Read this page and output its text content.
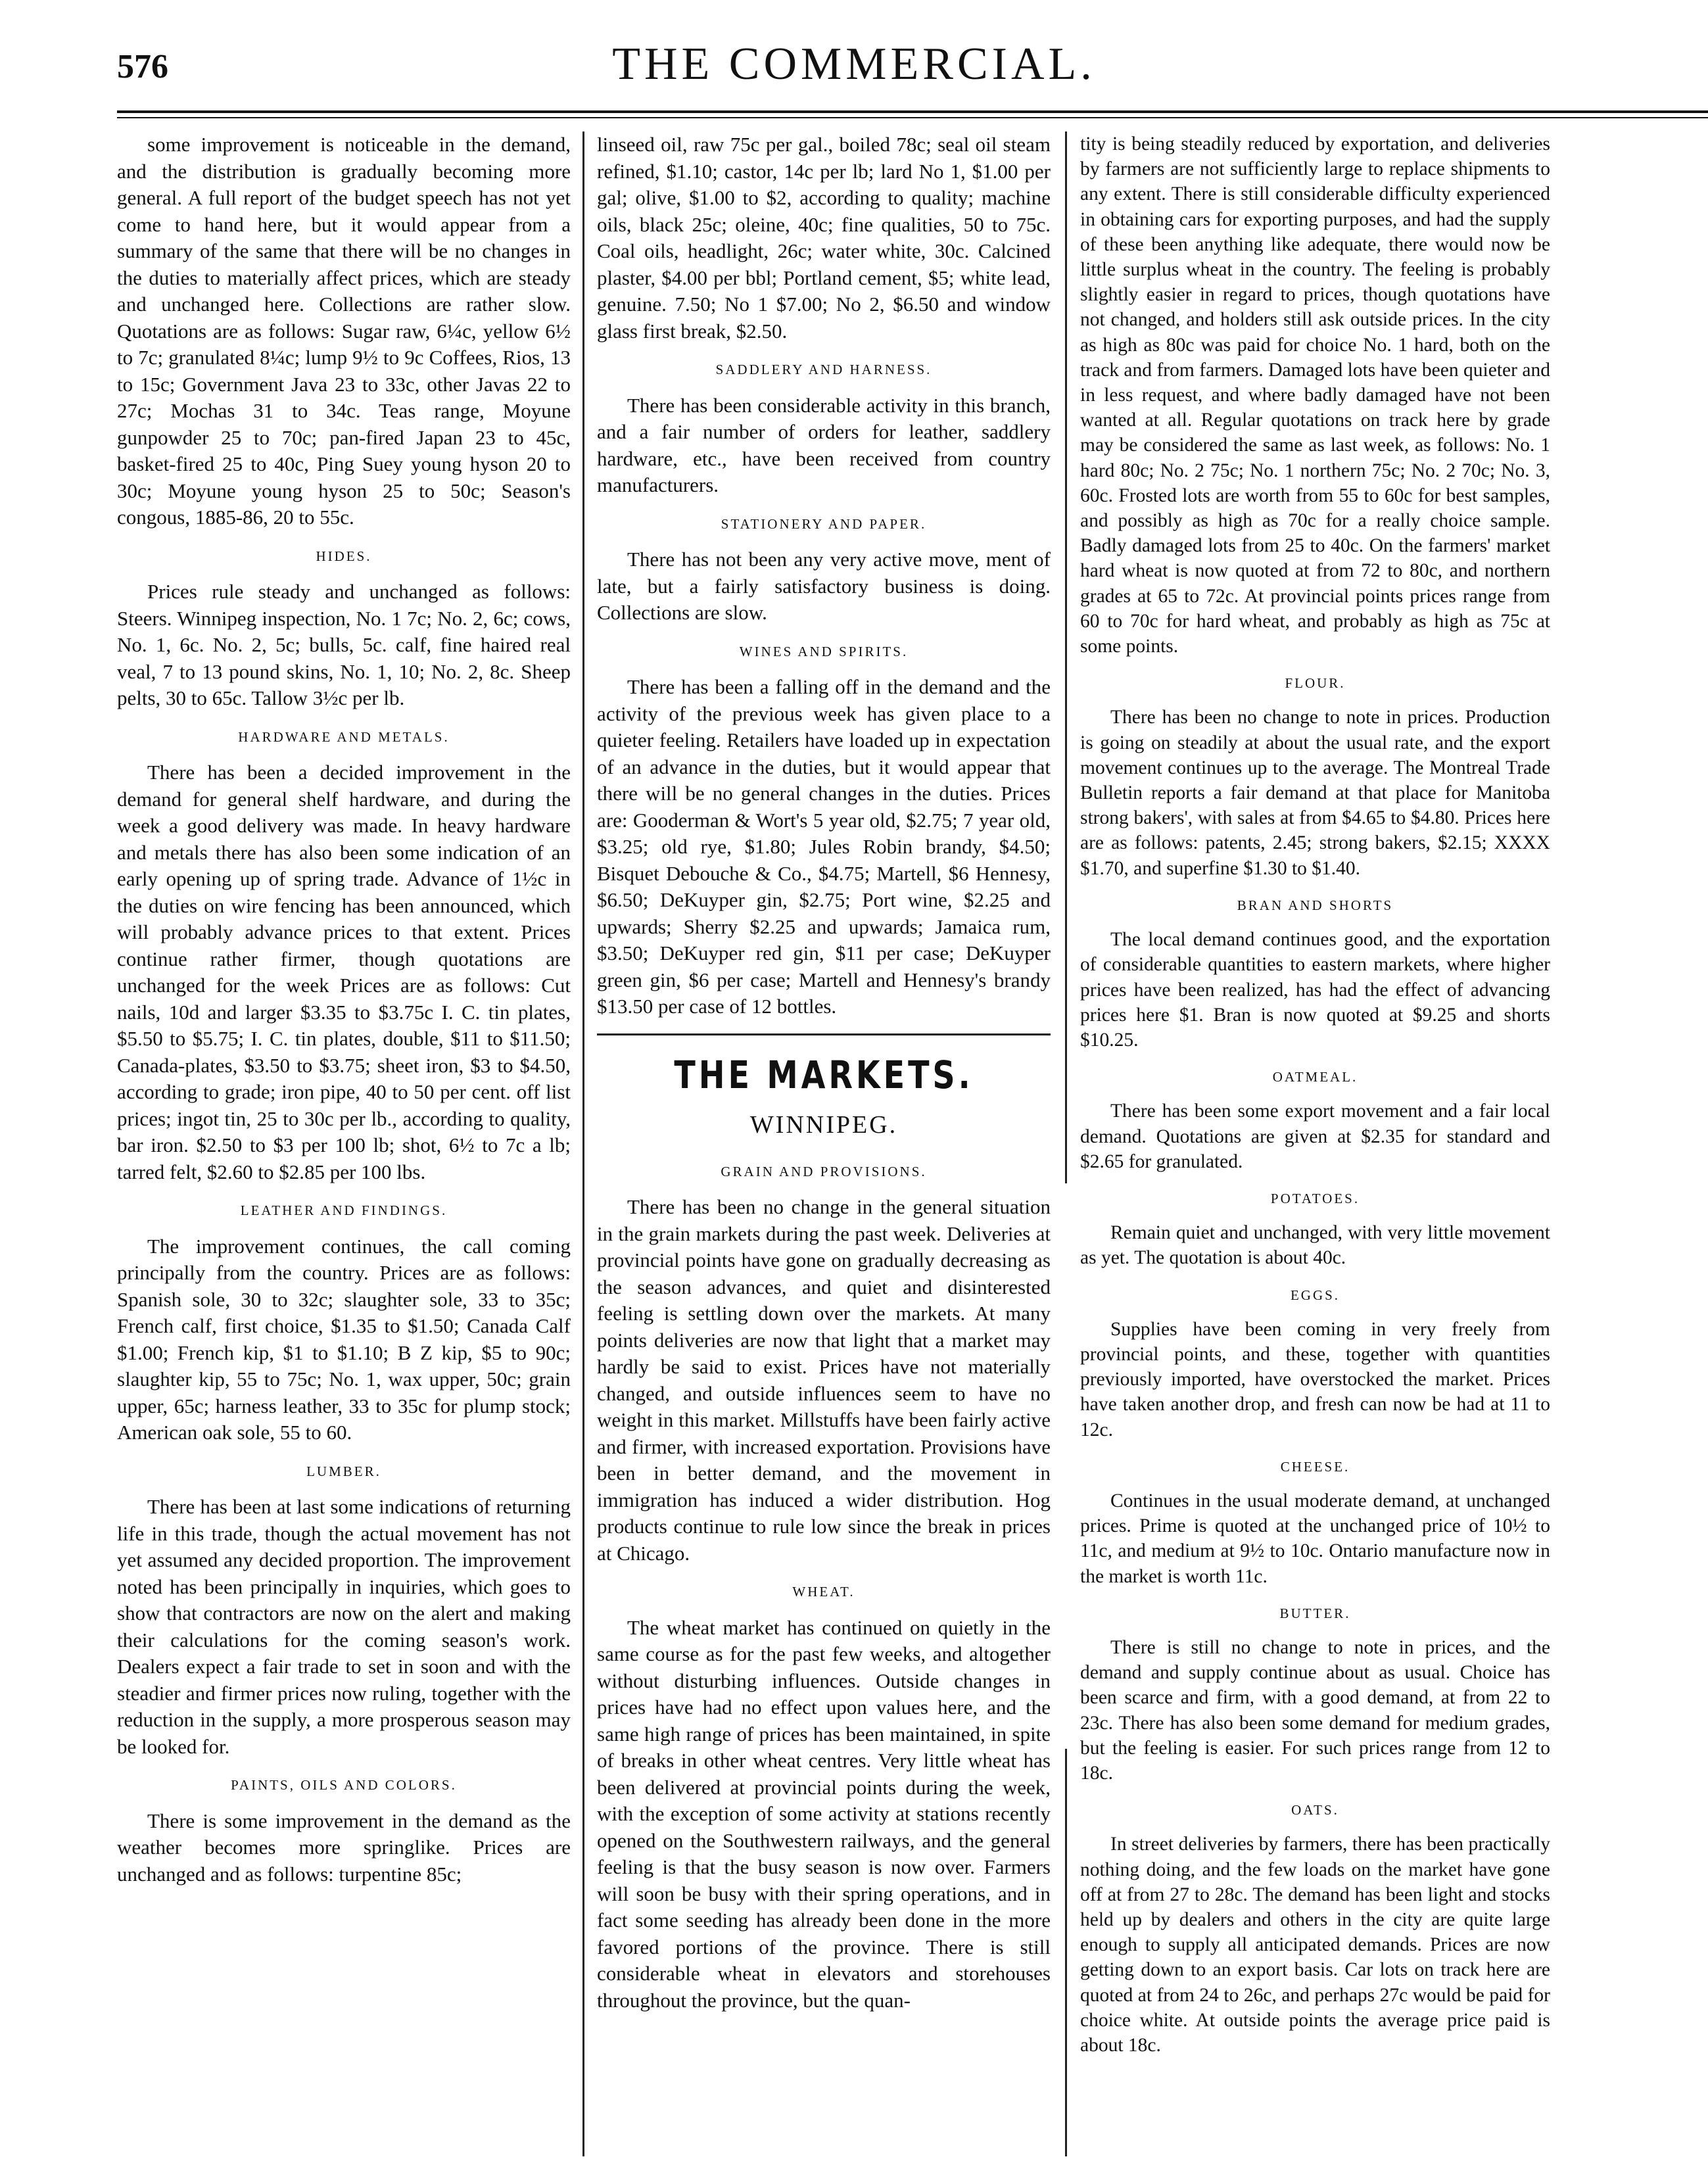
576	THE COMMERCIAL.

some improvement is noticeable in the demand, and the distribution is gradually becoming more general. A full report of the budget speech has not yet come to hand here, but it would appear from a summary of the same that there will be no changes in the duties to materially affect prices, which are steady and unchanged here. Collections are rather slow. Quotations are as follows: Sugar raw, 6¼c, yellow 6½ to 7c; granulated 8¼c; lump 9½ to 9c Coffees, Rios, 13 to 15c; Government Java 23 to 33c, other Javas 22 to 27c; Mochas 31 to 34c. Teas range, Moyune gunpowder 25 to 70c; pan-fired Japan 23 to 45c, basket-fired 25 to 40c, Ping Suey young hyson 20 to 30c; Moyune young hyson 25 to 50c; Season's congous, 1885-86, 20 to 55c.

HIDES.

Prices rule steady and unchanged as follows: Steers. Winnipeg inspection, No. 1 7c; No. 2, 6c; cows, No. 1, 6c. No. 2, 5c; bulls, 5c. calf, fine haired real veal, 7 to 13 pound skins, No. 1, 10; No. 2, 8c. Sheep pelts, 30 to 65c. Tallow 3½c per lb.

HARDWARE AND METALS.

There has been a decided improvement in the demand for general shelf hardware, and during the week a good delivery was made. In heavy hardware and metals there has also been some indication of an early opening up of spring trade. Advance of 1½c in the duties on wire fencing has been announced, which will probably advance prices to that extent. Prices continue rather firmer, though quotations are unchanged for the week Prices are as follows: Cut nails, 10d and larger $3.35 to $3.75c I. C. tin plates, $5.50 to $5.75; I. C. tin plates, double, $11 to $11.50; Canada-plates, $3.50 to $3.75; sheet iron, $3 to $4.50, according to grade; iron pipe, 40 to 50 per cent. off list prices; ingot tin, 25 to 30c per lb., according to quality, bar iron. $2.50 to $3 per 100 lb; shot, 6½ to 7c a lb; tarred felt, $2.60 to $2.85 per 100 lbs.

LEATHER AND FINDINGS.

The improvement continues, the call coming principally from the country. Prices are as follows: Spanish sole, 30 to 32c; slaughter sole, 33 to 35c; French calf, first choice, $1.35 to $1.50; Canada Calf $1.00; French kip, $1 to $1.10; B Z kip, $5 to 90c; slaughter kip, 55 to 75c; No. 1, wax upper, 50c; grain upper, 65c; harness leather, 33 to 35c for plump stock; American oak sole, 55 to 60.

LUMBER.

There has been at last some indications of returning life in this trade, though the actual movement has not yet assumed any decided proportion. The improvement noted has been principally in inquiries, which goes to show that contractors are now on the alert and making their calculations for the coming season's work. Dealers expect a fair trade to set in soon and with the steadier and firmer prices now ruling, together with the reduction in the supply, a more prosperous season may be looked for.

PAINTS, OILS AND COLORS.

There is some improvement in the demand as the weather becomes more springlike. Prices are unchanged and as follows: turpentine 85c;

linseed oil, raw 75c per gal., boiled 78c; seal oil steam refined, $1.10; castor, 14c per lb; lard No 1, $1.00 per gal; olive, $1.00 to $2, according to quality; machine oils, black 25c; oleine, 40c; fine qualities, 50 to 75c. Coal oils, headlight, 26c; water white, 30c. Calcined plaster, $4.00 per bbl; Portland cement, $5; white lead, genuine. 7.50; No 1 $7.00; No 2, $6.50 and window glass first break, $2.50.

SADDLERY AND HARNESS.

There has been considerable activity in this branch, and a fair number of orders for leather, saddlery hardware, etc., have been received from country manufacturers.

STATIONERY AND PAPER.

There has not been any very active move, ment of late, but a fairly satisfactory business is doing. Collections are slow.

WINES AND SPIRITS.

There has been a falling off in the demand and the activity of the previous week has given place to a quieter feeling. Retailers have loaded up in expectation of an advance in the duties, but it would appear that there will be no general changes in the duties. Prices are: Gooderman & Wort's 5 year old, $2.75; 7 year old, $3.25; old rye, $1.80; Jules Robin brandy, $4.50; Bisquet Debouche & Co., $4.75; Martell, $6 Hennesy, $6.50; DeKuyper gin, $2.75; Port wine, $2.25 and upwards; Sherry $2.25 and upwards; Jamaica rum, $3.50; DeKuyper red gin, $11 per case; DeKuyper green gin, $6 per case; Martell and Hennesy's brandy $13.50 per case of 12 bottles.

THE MARKETS.
WINNIPEG.
GRAIN AND PROVISIONS.

There has been no change in the general situation in the grain markets during the past week. Deliveries at provincial points have gone on gradually decreasing as the season advances, and quiet and disinterested feeling is settling down over the markets. At many points deliveries are now that light that a market may hardly be said to exist. Prices have not materially changed, and outside influences seem to have no weight in this market. Millstuffs have been fairly active and firmer, with increased exportation. Provisions have been in better demand, and the movement in immigration has induced a wider distribution. Hog products continue to rule low since the break in prices at Chicago.

WHEAT.

The wheat market has continued on quietly in the same course as for the past few weeks, and altogether without disturbing influences. Outside changes in prices have had no effect upon values here, and the same high range of prices has been maintained, in spite of breaks in other wheat centres. Very little wheat has been delivered at provincial points during the week, with the exception of some activity at stations recently opened on the Southwestern railways, and the general feeling is that the busy season is now over. Farmers will soon be busy with their spring operations, and in fact some seeding has already been done in the more favored portions of the province. There is still considerable wheat in elevators and storehouses throughout the province, but the quan-

tity is being steadily reduced by exportation, and deliveries by farmers are not sufficiently large to replace shipments to any extent. There is still considerable difficulty experienced in obtaining cars for exporting purposes, and had the supply of these been anything like adequate, there would now be little surplus wheat in the country. The feeling is probably slightly easier in regard to prices, though quotations have not changed, and holders still ask outside prices. In the city as high as 80c was paid for choice No. 1 hard, both on the track and from farmers. Damaged lots have been quieter and in less request, and where badly damaged have not been wanted at all. Regular quotations on track here by grade may be considered the same as last week, as follows: No. 1 hard 80c; No. 2 75c; No. 1 northern 75c; No. 2 70c; No. 3, 60c. Frosted lots are worth from 55 to 60c for best samples, and possibly as high as 70c for a really choice sample. Badly damaged lots from 25 to 40c. On the farmers' market hard wheat is now quoted at from 72 to 80c, and northern grades at 65 to 72c. At provincial points prices range from 60 to 70c for hard wheat, and probably as high as 75c at some points.

FLOUR.

There has been no change to note in prices. Production is going on steadily at about the usual rate, and the export movement continues up to the average. The Montreal Trade Bulletin reports a fair demand at that place for Manitoba strong bakers', with sales at from $4.65 to $4.80. Prices here are as follows: patents, 2.45; strong bakers, $2.15; XXXX $1.70, and superfine $1.30 to $1.40.

BRAN AND SHORTS

The local demand continues good, and the exportation of considerable quantities to eastern markets, where higher prices have been realized, has had the effect of advancing prices here $1. Bran is now quoted at $9.25 and shorts $10.25.

OATMEAL.

There has been some export movement and a fair local demand. Quotations are given at $2.35 for standard and $2.65 for granulated.

POTATOES.

Remain quiet and unchanged, with very little movement as yet. The quotation is about 40c.

EGGS.

Supplies have been coming in very freely from provincial points, and these, together with quantities previously imported, have overstocked the market. Prices have taken another drop, and fresh can now be had at 11 to 12c.

CHEESE.

Continues in the usual moderate demand, at unchanged prices. Prime is quoted at the unchanged price of 10½ to 11c, and medium at 9½ to 10c. Ontario manufacture now in the market is worth 11c.

BUTTER.

There is still no change to note in prices, and the demand and supply continue about as usual. Choice has been scarce and firm, with a good demand, at from 22 to 23c. There has also been some demand for medium grades, but the feeling is easier. For such prices range from 12 to 18c.

OATS.

In street deliveries by farmers, there has been practically nothing doing, and the few loads on the market have gone off at from 27 to 28c. The demand has been light and stocks held up by dealers and others in the city are quite large enough to supply all anticipated demands. Prices are now getting down to an export basis. Car lots on track here are quoted at from 24 to 26c, and perhaps 27c would be paid for choice white. At outside points the average price paid is about 18c.
